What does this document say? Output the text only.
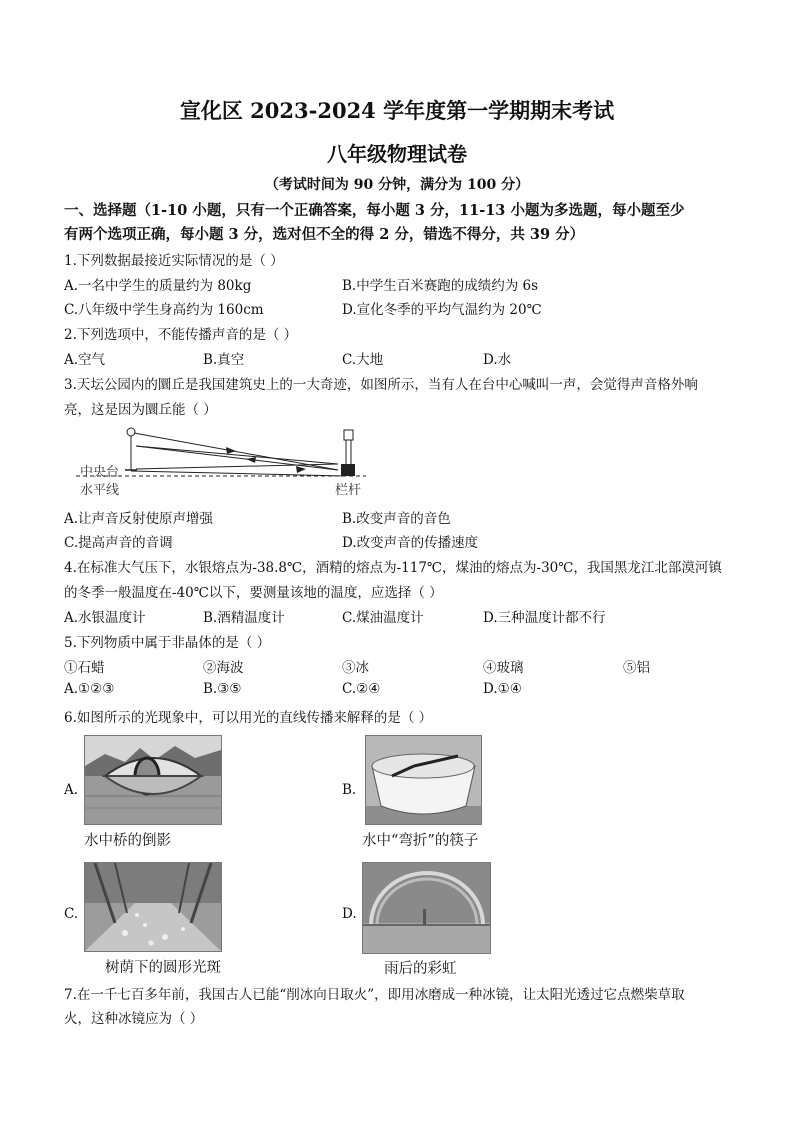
宣化区 2023-2024 学年度第一学期期末考试
八年级物理试卷
（考试时间为 90 分钟，满分为 100 分）
一、选择题（1-10 小题，只有一个正确答案，每小题 3 分，11-13 小题为多选题，每小题至少
有两个选项正确，每小题 3 分，选对但不全的得 2 分，错选不得分，共 39 分）
1.下列数据最接近实际情况的是（ ）
A.一名中学生的质量约为 80kg	B.中学生百米赛跑的成绩约为 6s
C.八年级中学生身高约为 160cm	D.宣化冬季的平均气温约为 20℃
2.下列选项中，不能传播声音的是（ ）
A.空气	B.真空	C.大地	D.水
3.天坛公园内的圜丘是我国建筑史上的一大奇迹，如图所示，当有人在台中心喊叫一声，会觉得声音格外响
亮，这是因为圜丘能（ ）
中央台
水平线	栏杆
A.让声音反射使原声增强	B.改变声音的音色
C.提高声音的音调	D.改变声音的传播速度
4.在标准大气压下，水银熔点为-38.8℃，酒精的熔点为-117℃，煤油的熔点为-30℃，我国黑龙江北部漠河镇
的冬季一般温度在-40℃以下，要测量该地的温度，应选择（ ）
A.水银温度计	B.酒精温度计	C.煤油温度计	D.三种温度计都不行
5.下列物质中属于非晶体的是（ ）
①石蜡	②海波	③冰	④玻璃	⑤铝
A.①②③	B.③⑤	C.②④	D.①④
6.如图所示的光现象中，可以用光的直线传播来解释的是（ ）
A.
水中桥的倒影
B.
水中“弯折”的筷子
C.
树荫下的圆形光斑
D.
雨后的彩虹
7.在一千七百多年前，我国古人已能“削冰向日取火”，即用冰磨成一种冰镜，让太阳光透过它点燃柴草取
火，这种冰镜应为（ ）
